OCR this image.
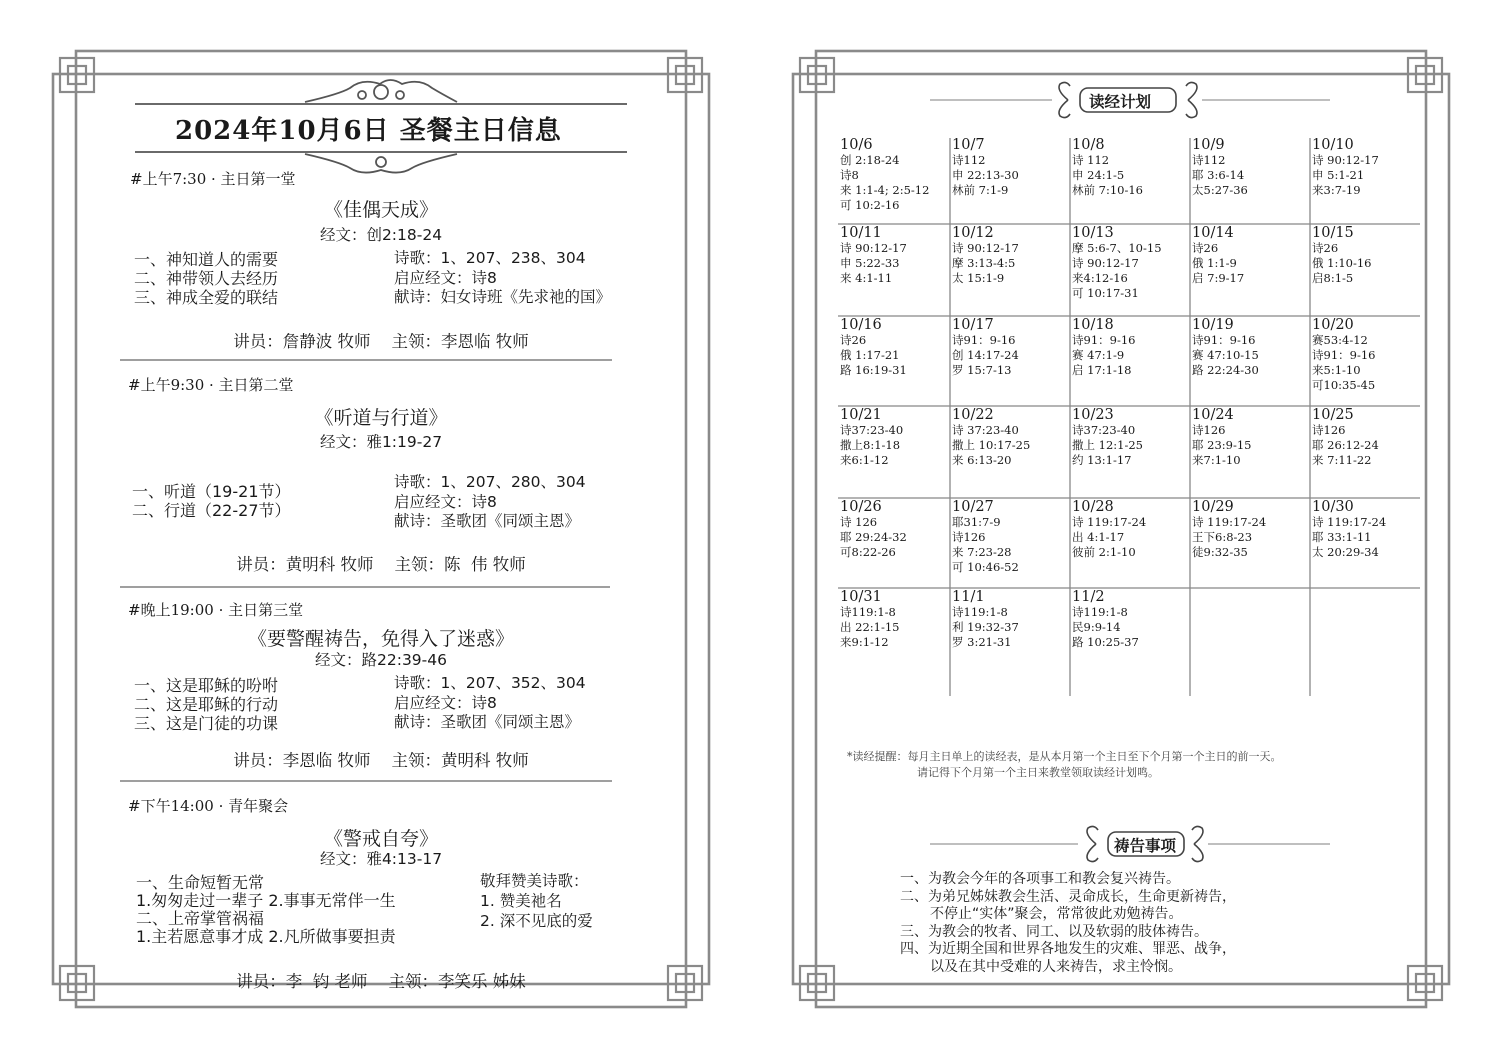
2024年10月6日 圣餐主日信息
#上午7:30 · 主日第一堂
《佳偶天成》
经文：创2:18-24
一、神知道人的需要
二、神带领人去经历
三、神成全爱的联结
诗歌：1、207、238、304
启应经文：诗8
献诗：妇女诗班《先求祂的国》
讲员：詹静波 牧师    主领：李恩临 牧师
#上午9:30 · 主日第二堂
《听道与行道》
经文：雅1:19-27
一、听道（19-21节）
二、行道（22-27节）
诗歌：1、207、280、304
启应经文：诗8
献诗：圣歌团《同颂主恩》
讲员：黄明科 牧师    主领：陈  伟 牧师
#晚上19:00 · 主日第三堂
《要警醒祷告，免得入了迷惑》
经文：路22:39-46
一、这是耶稣的吩咐
二、这是耶稣的行动
三、这是门徒的功课
诗歌：1、207、352、304
启应经文：诗8
献诗：圣歌团《同颂主恩》
讲员：李恩临 牧师    主领：黄明科 牧师
#下午14:00 · 青年聚会
《警戒自夸》
经文：雅4:13-17
一、生命短暂无常
1.匆匆走过一辈子 2.事事无常伴一生
二、上帝掌管祸福
1.主若愿意事才成 2.凡所做事要担责
敬拜赞美诗歌：
1. 赞美祂名
2. 深不见底的爱
讲员：李  钧 老师    主领：李笑乐 姊妹
读经计划
10/6
创 2:18-24
诗8
来 1:1-4; 2:5-12
可 10:2-16
10/7
诗112
申 22:13-30
林前 7:1-9
10/8
诗 112
申 24:1-5
林前 7:10-16
10/9
诗112
耶 3:6-14
太5:27-36
10/10
诗 90:12-17
申 5:1-21
来3:7-19
10/11
诗 90:12-17
申 5:22-33
来 4:1-11
10/12
诗 90:12-17
摩 3:13-4:5
太 15:1-9
10/13
摩 5:6-7、10-15
诗 90:12-17
来4:12-16
可 10:17-31
10/14
诗26
俄 1:1-9
启 7:9-17
10/15
诗26
俄 1:10-16
启8:1-5
10/16
诗26
俄 1:17-21
路 16:19-31
10/17
诗91：9-16
创 14:17-24
罗 15:7-13
10/18
诗91：9-16
赛 47:1-9
启 17:1-18
10/19
诗91：9-16
赛 47:10-15
路 22:24-30
10/20
赛53:4-12
诗91：9-16
来5:1-10
可10:35-45
10/21
诗37:23-40
撒上8:1-18
来6:1-12
10/22
诗 37:23-40
撒上 10:17-25
来 6:13-20
10/23
诗37:23-40
撒上 12:1-25
约 13:1-17
10/24
诗126
耶 23:9-15
来7:1-10
10/25
诗126
耶 26:12-24
来 7:11-22
10/26
诗 126
耶 29:24-32
可8:22-26
10/27
耶31:7-9
诗126
来 7:23-28
可 10:46-52
10/28
诗 119:17-24
出 4:1-17
彼前 2:1-10
10/29
诗 119:17-24
王下6:8-23
徒9:32-35
10/30
诗 119:17-24
耶 33:1-11
太 20:29-34
10/31
诗119:1-8
出 22:1-15
来9:1-12
11/1
诗119:1-8
利 19:32-37
罗 3:21-31
11/2
诗119:1-8
民9:9-14
路 10:25-37
*读经提醒：每月主日单上的读经表，是从本月第一个主日至下个月第一个主日的前一天。
请记得下个月第一个主日来教堂领取读经计划鸣。
祷告事项
一、为教会今年的各项事工和教会复兴祷告。
二、为弟兄姊妹教会生活、灵命成长，生命更新祷告，
不停止“实体”聚会，常常彼此劝勉祷告。
三、为教会的牧者、同工、以及软弱的肢体祷告。
四、为近期全国和世界各地发生的灾难、罪恶、战争，
以及在其中受难的人来祷告，求主怜悯。
